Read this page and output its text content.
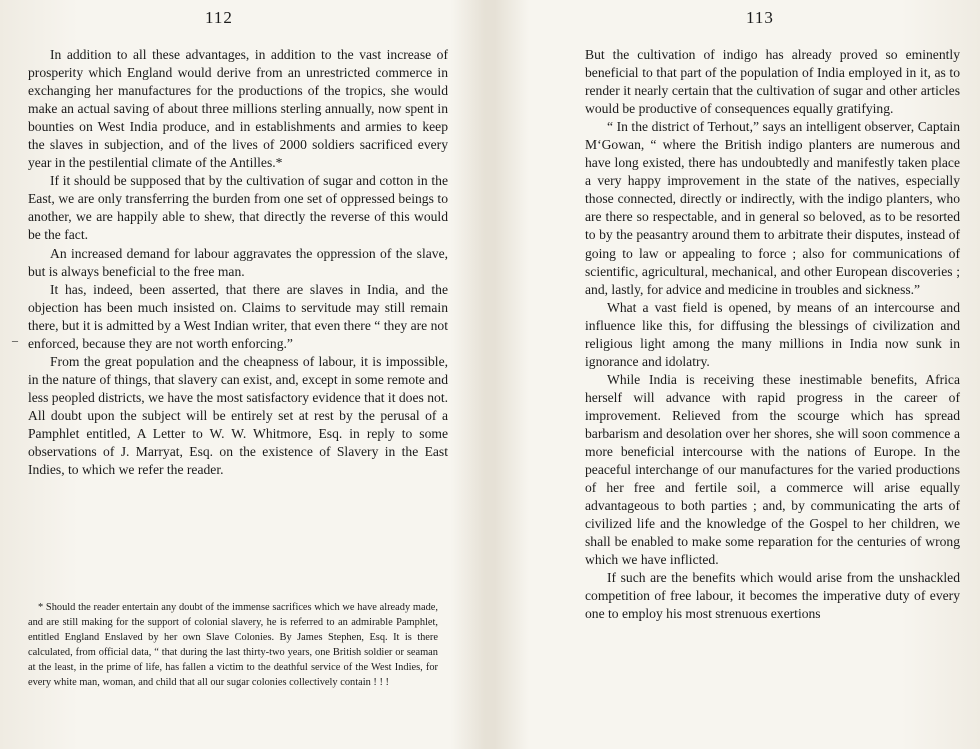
112

In addition to all these advantages, in addition to the vast increase of prosperity which England would derive from an unrestricted commerce in exchanging her manufactures for the productions of the tropics, she would make an actual saving of about three millions sterling annually, now spent in bounties on West India produce, and in establishments and armies to keep the slaves in subjection, and of the lives of 2000 soldiers sacrificed every year in the pestilential climate of the Antilles.*

If it should be supposed that by the cultivation of sugar and cotton in the East, we are only transferring the burden from one set of oppressed beings to another, we are happily able to shew, that directly the reverse of this would be the fact.

An increased demand for labour aggravates the oppression of the slave, but is always beneficial to the free man.

It has, indeed, been asserted, that there are slaves in India, and the objection has been much insisted on. Claims to servitude may still remain there, but it is admitted by a West Indian writer, that even there “ they are not enforced, because they are not worth enforcing.”

From the great population and the cheapness of labour, it is impossible, in the nature of things, that slavery can exist, and, except in some remote and less peopled districts, we have the most satisfactory evidence that it does not. All doubt upon the subject will be entirely set at rest by the perusal of a Pamphlet entitled, A Letter to W. W. Whitmore, Esq. in reply to some observations of J. Marryat, Esq. on the existence of Slavery in the East Indies, to which we refer the reader.

–

* Should the reader entertain any doubt of the immense sacrifices which we have already made, and are still making for the support of colonial slavery, he is referred to an admirable Pamphlet, entitled England Enslaved by her own Slave Colonies. By James Stephen, Esq. It is there calculated, from official data, “ that during the last thirty-two years, one British soldier or seaman at the least, in the prime of life, has fallen a victim to the deathful service of the West Indies, for every white man, woman, and child that all our sugar colonies collectively contain ! ! !

113

But the cultivation of indigo has already proved so eminently beneficial to that part of the population of India employed in it, as to render it nearly certain that the cultivation of sugar and other articles would be productive of consequences equally gratifying.

“ In the district of Terhout,” says an intelligent observer, Captain M‘Gowan, “ where the British indigo planters are numerous and have long existed, there has undoubtedly and manifestly taken place a very happy improvement in the state of the natives, especially those connected, directly or indirectly, with the indigo planters, who are there so respectable, and in general so beloved, as to be resorted to by the peasantry around them to arbitrate their disputes, instead of going to law or appealing to force ; also for communications of scientific, agricultural, mechanical, and other European discoveries ; and, lastly, for advice and medicine in troubles and sickness.”

What a vast field is opened, by means of an intercourse and influence like this, for diffusing the blessings of civilization and religious light among the many millions in India now sunk in ignorance and idolatry.

While India is receiving these inestimable benefits, Africa herself will advance with rapid progress in the career of improvement. Relieved from the scourge which has spread barbarism and desolation over her shores, she will soon commence a more beneficial intercourse with the nations of Europe. In the peaceful interchange of our manufactures for the varied productions of her free and fertile soil, a commerce will arise equally advantageous to both parties ; and, by communicating the arts of civilized life and the knowledge of the Gospel to her children, we shall be enabled to make some reparation for the centuries of wrong which we have inflicted.

If such are the benefits which would arise from the unshackled competition of free labour, it becomes the imperative duty of every one to employ his most strenuous exertions
